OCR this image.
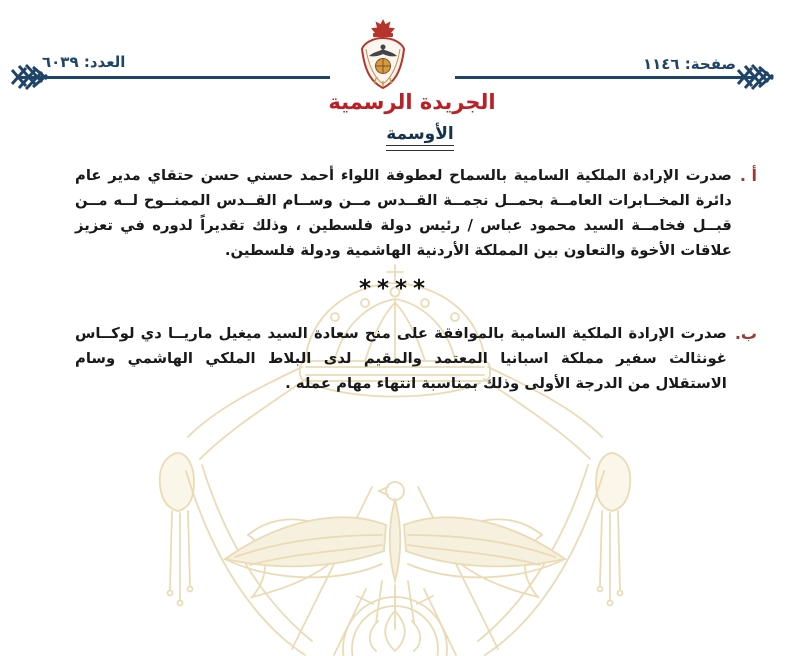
العدد: ٦٠٣٩	صفحة: ١١٤٦
الجريدة الرسمية
الأوسمة
أ .
صدرت الإرادة الملكية السامية بالسماح لعطوفة اللواء أحمد حسني حسن حتقاي مدير عام دائرة المخــابرات العامــة بحمــل نجمــة القــدس مــن وســام القــدس الممنــوح لــه مــن قبــل فخامــة السيد محمود عباس / رئيس دولة فلسطين ، وذلك تقديراً لدوره في تعزيز علاقات الأخوة والتعاون بين المملكة الأردنية الهاشمية ودولة فلسطين.
****
ب.
صدرت الإرادة الملكية السامية بالموافقة على منح سعادة السيد ميغيل ماريــا دي لوكــاس غونثالث سفير مملكة اسبانيا المعتمد والمقيم لدى البلاط الملكي الهاشمي وسام الاستقلال من الدرجة الأولى وذلك بمناسبة انتهاء مهام عمله .
